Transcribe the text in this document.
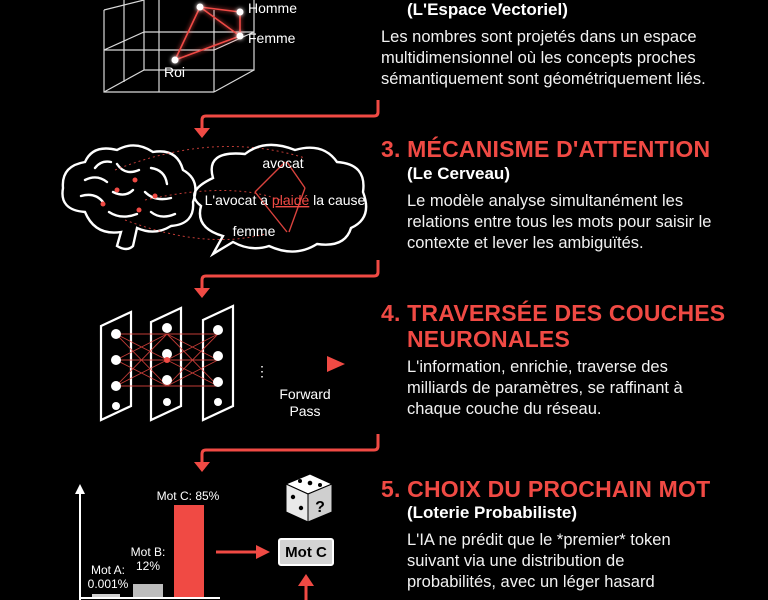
Homme
Femme
Roi
(L'Espace Vectoriel)
Les nombres sont projetés dans un espace multidimensionnel où les concepts proches sémantiquement sont géométriquement liés.
avocat
L'avocat a plaidé la cause
femme
3. MÉCANISME D'ATTENTION
(Le Cerveau)
Le modèle analyse simultanément les relations entre tous les mots pour saisir le contexte et lever les ambiguïtés.
⋮
Forward
Pass
4. TRAVERSÉE DES COUCHES
NEURONALES
L'information, enrichie, traverse des milliards de paramètres, se raffinant à chaque couche du réseau.
Mot C: 85%
Mot B:
12%
Mot A:
0.001%
?
Mot C
5. CHOIX DU PROCHAIN MOT
(Loterie Probabiliste)
L'IA ne prédit que le *premier* token suivant via une distribution de probabilités, avec un léger hasard
